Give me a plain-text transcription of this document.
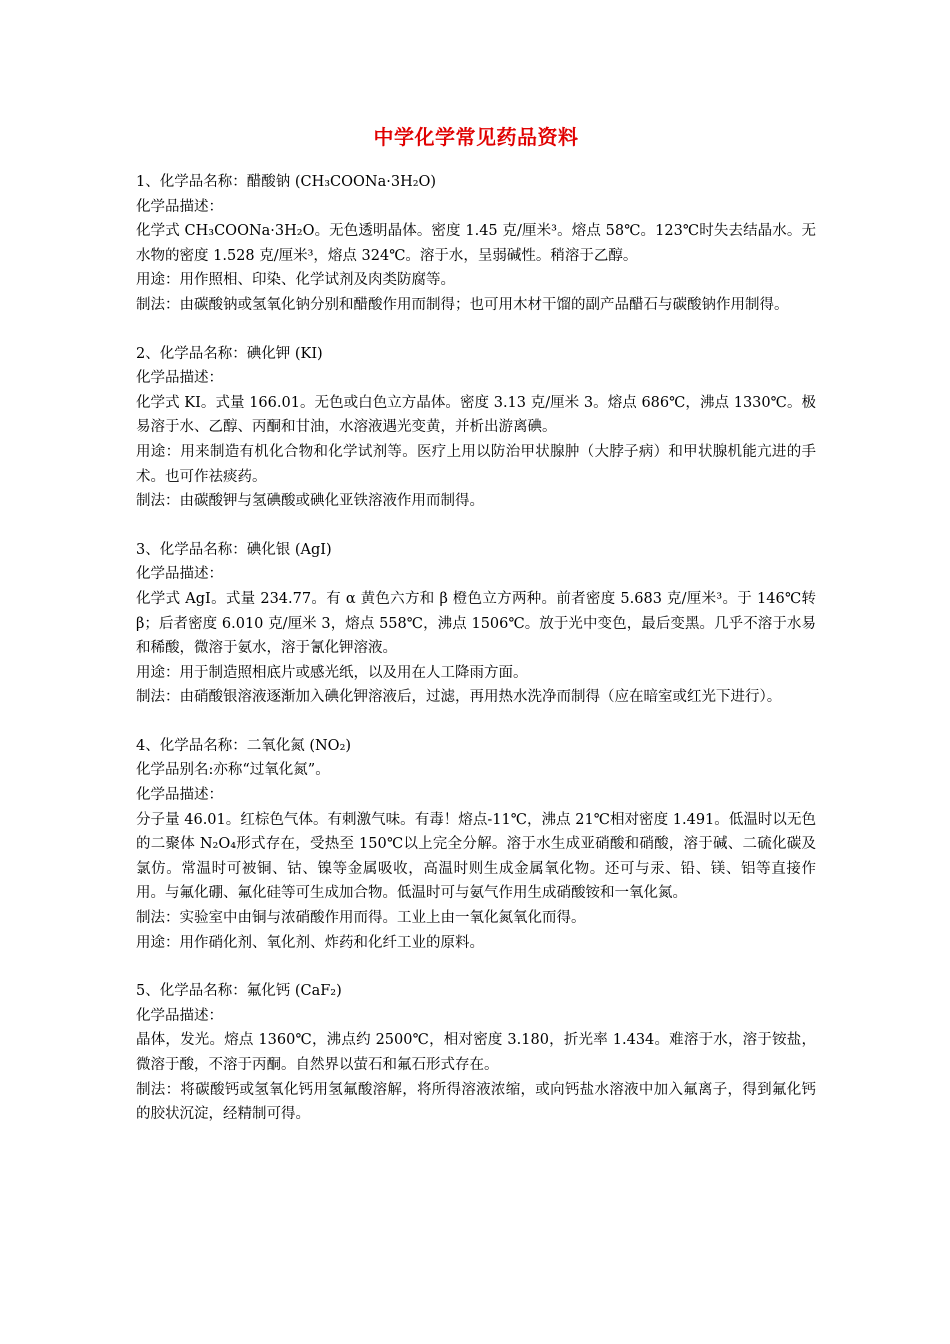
中学化学常见药品资料
1、化学品名称：醋酸钠 (CH₃COONa·3H₂O)
化学品描述：
化学式 CH₃COONa·3H₂O。无色透明晶体。密度 1.45 克/厘米³。熔点 58℃。123℃时失去结晶水。无水物的密度 1.528 克/厘米³，熔点 324℃。溶于水，呈弱碱性。稍溶于乙醇。
用途：用作照相、印染、化学试剂及肉类防腐等。
制法：由碳酸钠或氢氧化钠分别和醋酸作用而制得；也可用木材干馏的副产品醋石与碳酸钠作用制得。
2、化学品名称：碘化钾 (KI)
化学品描述：
化学式 KI。式量 166.01。无色或白色立方晶体。密度 3.13 克/厘米 3。熔点 686℃，沸点 1330℃。极易溶于水、乙醇、丙酮和甘油，水溶液遇光变黄，并析出游离碘。
用途：用来制造有机化合物和化学试剂等。医疗上用以防治甲状腺肿（大脖子病）和甲状腺机能亢进的手术。也可作祛痰药。
制法：由碳酸钾与氢碘酸或碘化亚铁溶液作用而制得。
3、化学品名称：碘化银 (AgI)
化学品描述：
化学式 AgI。式量 234.77。有 α 黄色六方和 β 橙色立方两种。前者密度 5.683 克/厘米³。于 146℃转 β；后者密度 6.010 克/厘米 3，熔点 558℃，沸点 1506℃。放于光中变色，最后变黑。几乎不溶于水易和稀酸，微溶于氨水，溶于氰化钾溶液。
用途：用于制造照相底片或感光纸，以及用在人工降雨方面。
制法：由硝酸银溶液逐渐加入碘化钾溶液后，过滤，再用热水洗净而制得（应在暗室或红光下进行）。
4、化学品名称：二氧化氮 (NO₂)
化学品别名:亦称“过氧化氮”。
化学品描述：
分子量 46.01。红棕色气体。有刺激气味。有毒！熔点-11℃，沸点 21℃相对密度 1.491。低温时以无色的二聚体 N₂O₄形式存在，受热至 150℃以上完全分解。溶于水生成亚硝酸和硝酸，溶于碱、二硫化碳及氯仿。常温时可被铜、钴、镍等金属吸收，高温时则生成金属氧化物。还可与汞、铅、镁、铝等直接作用。与氟化硼、氟化硅等可生成加合物。低温时可与氨气作用生成硝酸铵和一氧化氮。
制法：实验室中由铜与浓硝酸作用而得。工业上由一氧化氮氧化而得。
用途：用作硝化剂、氧化剂、炸药和化纤工业的原料。
5、化学品名称：氟化钙 (CaF₂)
化学品描述：
晶体，发光。熔点 1360℃，沸点约 2500℃，相对密度 3.180，折光率 1.434。难溶于水，溶于铵盐，微溶于酸，不溶于丙酮。自然界以萤石和氟石形式存在。
制法：将碳酸钙或氢氧化钙用氢氟酸溶解，将所得溶液浓缩，或向钙盐水溶液中加入氟离子，得到氟化钙的胶状沉淀，经精制可得。
